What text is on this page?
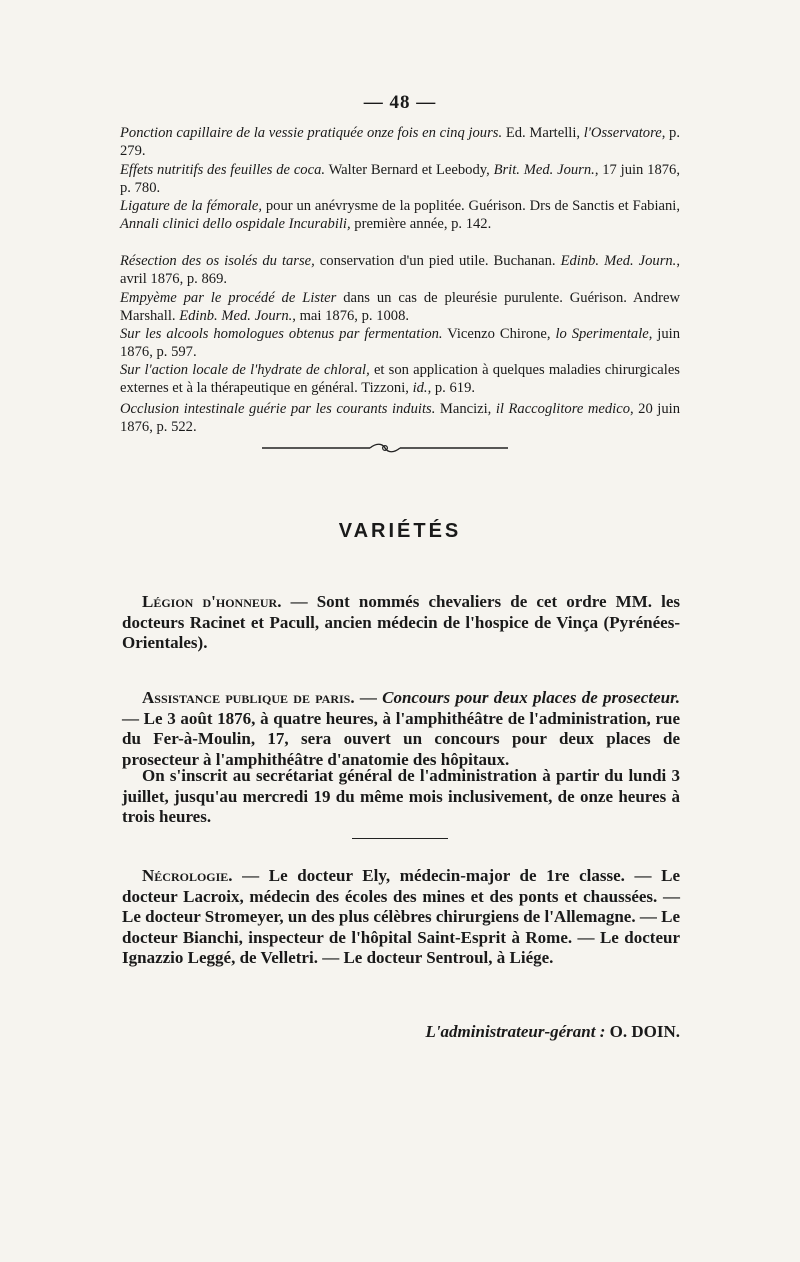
— 48 —
Ponction capillaire de la vessie pratiquée onze fois en cinq jours. Ed. Martelli, l'Osservatore, p. 279.
Effets nutritifs des feuilles de coca. Walter Bernard et Leebody, Brit. Med. Journ., 17 juin 1876, p. 780.
Ligature de la fémorale, pour un anévrysme de la poplitée. Guérison. Drs de Sanctis et Fabiani, Annali clinici dello ospidale Incurabili, première année, p. 142.
Résection des os isolés du tarse, conservation d'un pied utile. Buchanan. Edinb. Med. Journ., avril 1876, p. 869.
Empyème par le procédé de Lister dans un cas de pleurésie purulente. Guérison. Andrew Marshall. Edinb. Med. Journ., mai 1876, p. 1008.
Sur les alcools homologues obtenus par fermentation. Vicenzo Chirone, lo Sperimentale, juin 1876, p. 597.
Sur l'action locale de l'hydrate de chloral, et son application à quelques maladies chirurgicales externes et à la thérapeutique en général. Tizzoni, id., p. 619.
Occlusion intestinale guérie par les courants induits. Mancizi, il Raccoglitore medico, 20 juin 1876, p. 522.
VARIÉTÉS
Légion d'honneur. — Sont nommés chevaliers de cet ordre MM. les docteurs Racinet et Pacull, ancien médecin de l'hospice de Vinça (Pyrénées-Orientales).
Assistance publique de paris. — Concours pour deux places de prosecteur. — Le 3 août 1876, à quatre heures, à l'amphithéâtre de l'administration, rue du Fer-à-Moulin, 17, sera ouvert un concours pour deux places de prosecteur à l'amphithéâtre d'anatomie des hôpitaux.
On s'inscrit au secrétariat général de l'administration à partir du lundi 3 juillet, jusqu'au mercredi 19 du même mois inclusivement, de onze heures à trois heures.
Nécrologie. — Le docteur Ely, médecin-major de 1re classe. — Le docteur Lacroix, médecin des écoles des mines et des ponts et chaussées. — Le docteur Stromeyer, un des plus célèbres chirurgiens de l'Allemagne. — Le docteur Bianchi, inspecteur de l'hôpital Saint-Esprit à Rome. — Le docteur Ignazzio Leggé, de Velletri. — Le docteur Sentroul, à Liége.
L'administrateur-gérant : O. DOIN.
